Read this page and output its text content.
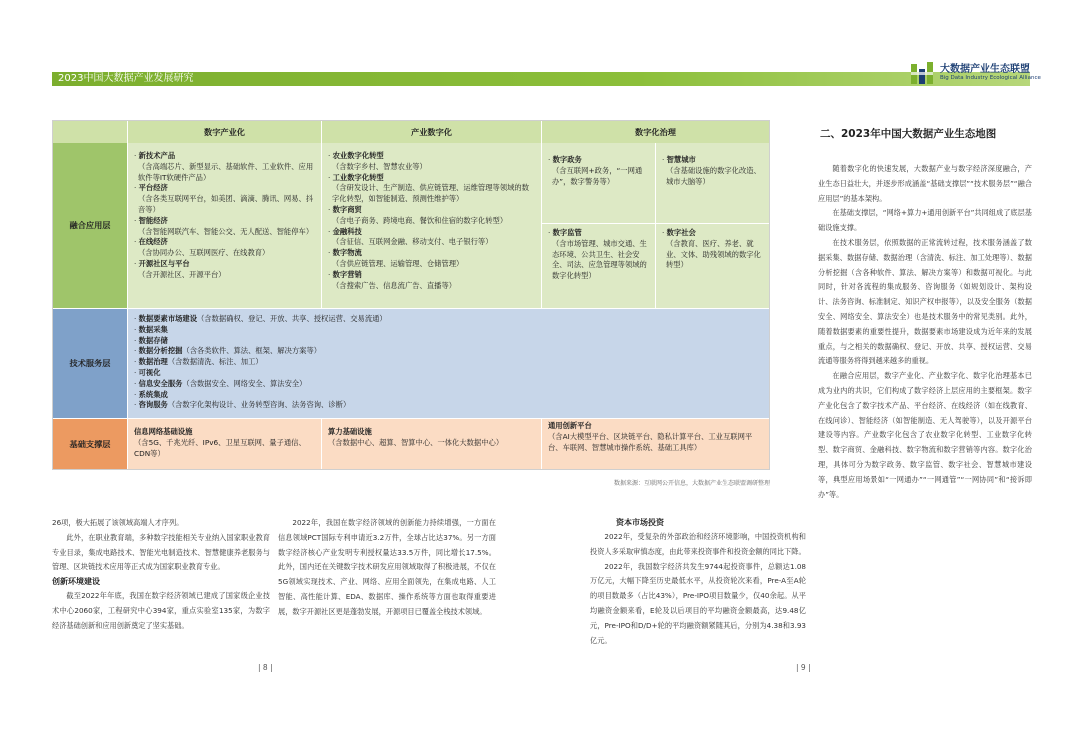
2023中国大数据产业发展研究
大数据产业生态联盟
Big Data Industry Ecological Alliance
数字产业化	产业数字化	数字化治理
融合应用层
· 新技术产品
（含高端芯片、新型显示、基础软件、工业软件、应用软件等IT软硬件产品）
· 平台经济
（含各类互联网平台，如美团、滴滴、腾讯、网易、抖音等）
· 智能经济
（含智能网联汽车、智能公交、无人配送、智能停车）
· 在线经济
（含协同办公、互联网医疗、在线教育）
· 开源社区与平台
（含开源社区、开源平台）
· 农业数字化转型
（含数字乡村、智慧农业等）
· 工业数字化转型
（含研发设计、生产制造、供应链管理、运维管理等领域的数字化转型，如智能制造、预测性维护等）
· 数字商贸
（含电子商务、跨境电商、餐饮和住宿的数字化转型）
· 金融科技
（含征信、互联网金融、移动支付、电子银行等）
· 数字物流
（含供应链管理、运输管理、仓储管理）
· 数字营销
（含搜索广告、信息流广告、直播等）
· 数字政务
（含互联网+政务，“一网通办”，数字警务等）
· 智慧城市
（含基础设施的数字化改造、城市大脑等）
· 数字监管
（含市场管理、城市交通、生态环境、公共卫生、社会安全、司法、应急管理等领域的数字化转型）
· 数字社会
（含教育、医疗、养老、就业、文体、助残领域的数字化转型）
技术服务层
· 数据要素市场建设（含数据确权、登记、开放、共享、授权运营、交易流通）
· 数据采集
· 数据存储
· 数据分析挖掘（含各类软件、算法、框架、解决方案等）
· 数据治理（含数据清洗、标注、加工）
· 可视化
· 信息安全服务（含数据安全、网络安全、算法安全）
· 系统集成
· 咨询服务（含数字化架构设计、业务转型咨询、法务咨询、诊断）
基础支撑层
信息网络基础设施
（含5G、千兆光纤、IPv6、卫星互联网、量子通信、CDN等）
算力基础设施
（含数据中心、超算、智算中心、一体化大数据中心）
通用创新平台
（含AI大模型平台、区块链平台、隐私计算平台、工业互联网平台、车联网、智慧城市操作系统、基础工具库）
数据来源：互联网公开信息，大数据产业生态联盟调研整理

26项，极大拓展了该领域高端人才序列。

此外，在职业教育端，多种数字技能相关专业纳入国家职业教育专业目录，集成电路技术、智能光电制造技术、智慧健康养老服务与管理、区块链技术应用等正式成为国家职业教育专业。

创新环境建设

截至2022年年底，我国在数字经济领域已建成了国家级企业技术中心2060家，工程研究中心394家，重点实验室135家，为数字经济基础创新和应用创新奠定了坚实基础。

2022年，我国在数字经济领域的创新能力持续增强，一方面在信息领域PCT国际专利申请近3.2万件，全球占比达37%。另一方面数字经济核心产业发明专利授权量达33.5万件，同比增长17.5%。此外，国内还在关键数字技术研发应用领域取得了积极进展，不仅在5G领域实现技术、产业、网络、应用全面领先，在集成电路、人工智能、高性能计算、EDA、数据库、操作系统等方面也取得重要进展，数字开源社区更是蓬勃发展，开源项目已覆盖全栈技术领域。

| 8 |
资本市场投资

2022年，受复杂的外部政治和经济环境影响，中国投资机构和投资人多采取审慎态度，由此带来投资事件和投资金额的同比下降。

2022年，我国数字经济共发生9744起投资事件，总额达1.08万亿元，大幅下降至历史最低水平，从投资轮次来看，Pre-A至A轮的项目数最多（占比43%），Pre-IPO项目数量少，仅40余起。从平均融资金额来看，E轮及以后项目的平均融资金额最高，达9.48亿元，Pre-IPO和D/D+轮的平均融资额紧随其后，分别为4.38和3.93亿元。

二、2023年中国大数据产业生态地图

随着数字化的快速发展，大数据产业与数字经济深度融合，产业生态日益壮大，并逐步形成涵盖“基础支撑层”“技术服务层”“融合应用层”的基本架构。

在基础支撑层，“网络+算力+通用创新平台”共同组成了底层基础设施支撑。

在技术服务层，依照数据的正常流转过程，技术服务涵盖了数据采集、数据存储、数据治理（含清洗、标注、加工处理等）、数据分析挖掘（含各种软件、算法、解决方案等）和数据可视化。与此同时，针对各流程的集成服务、咨询服务（如规划设计、架构设计、法务咨询、标准制定、知识产权申报等），以及安全服务（数据安全、网络安全、算法安全）也是技术服务中的常见类别。此外，随着数据要素的重要性提升，数据要素市场建设成为近年来的发展重点，与之相关的数据确权、登记、开放、共享、授权运营、交易流通等服务将得到越来越多的重视。

在融合应用层，数字产业化、产业数字化、数字化治理基本已成为业内的共识，它们构成了数字经济上层应用的主要框架。数字产业化包含了数字技术产品、平台经济、在线经济（如在线教育、在线问诊）、智能经济（如智能制造、无人驾驶等），以及开源平台建设等内容。产业数字化包含了农业数字化转型、工业数字化转型、数字商贸、金融科技、数字物流和数字营销等内容。数字化治理，具体可分为数字政务、数字监管、数字社会、智慧城市建设等，典型应用场景如“一网通办”“一网通管”“一网协同”和“接诉即办”等。

| 9 |
